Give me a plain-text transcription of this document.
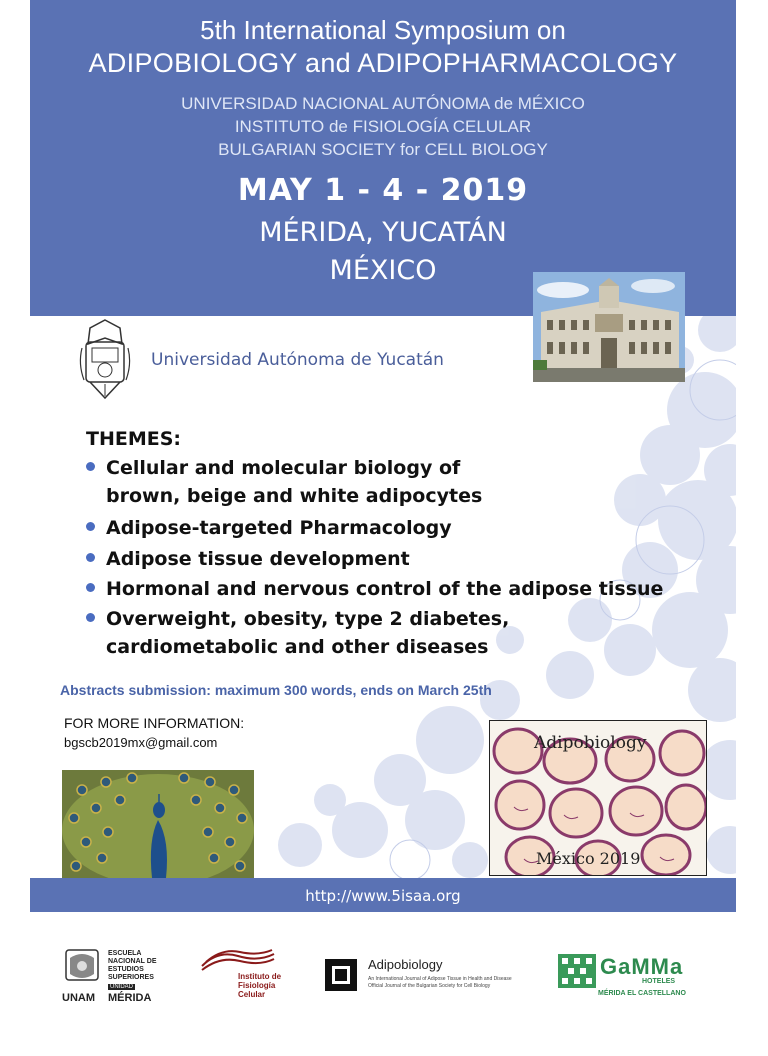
5th International Symposium on
ADIPOBIOLOGY and ADIPOPHARMACOLOGY
UNIVERSIDAD NACIONAL AUTÓNOMA de MÉXICO
INSTITUTO de FISIOLOGÍA CELULAR
BULGARIAN SOCIETY for CELL BIOLOGY
MAY 1 - 4 - 2019
MÉRIDA, YUCATÁN
MÉXICO
Universidad Autónoma de Yucatán
THEMES:
Cellular and molecular biology of
brown, beige and white adipocytes
Adipose-targeted Pharmacology
Adipose tissue development
Hormonal and nervous control of the adipose tissue
Overweight, obesity, type 2 diabetes,
cardiometabolic and other diseases
Abstracts submission: maximum 300 words, ends on March 25th
FOR MORE INFORMATION:
bgscb2019mx@gmail.com	Adipobiology
México 2019
http://www.5isaa.org
ESCUELA
NACIONAL DE
ESTUDIOS
SUPERIORES
UNIDAD
UNAM MÉRIDA
Instituto de
Fisiología
Celular
Adipobiology
An International Journal of Adipose Tissue in Health and Disease
Official Journal of the Bulgarian Society for Cell Biology
GaMMa
HOTELES
MÉRIDA EL CASTELLANO
